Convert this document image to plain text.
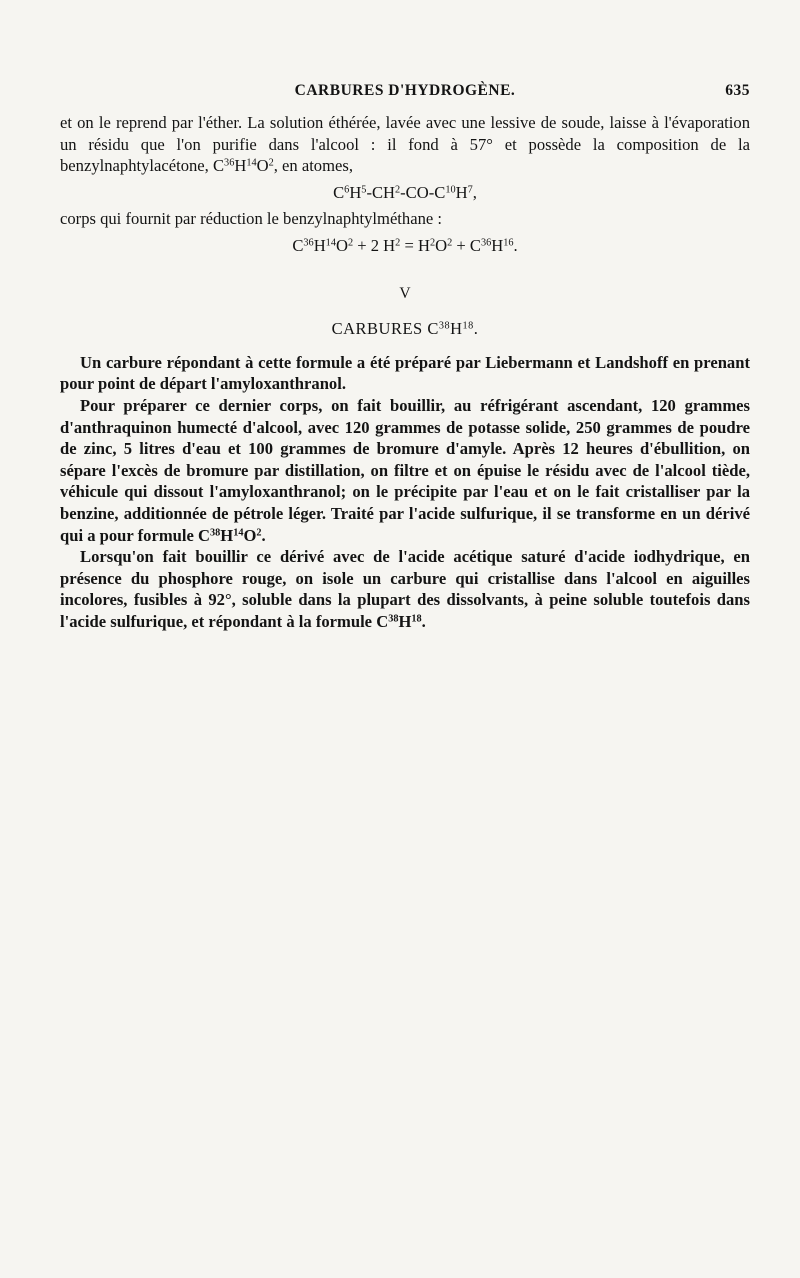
CARBURES D'HYDROGÈNE.	635

et on le reprend par l'éther. La solution éthérée, lavée avec une lessive de soude, laisse à l'évaporation un résidu que l'on purifie dans l'alcool : il fond à 57° et possède la composition de la benzylnaphtylacétone, $C^{36}H^{14}O^2$, en atomes,

$C^6H^5-CH^2-CO-C^{10}H^7$,

corps qui fournit par réduction le benzylnaphtylméthane :

$C^{36}H^{14}O^2 + 2$ $H^2 = H^2O^2 + C^{36}H^{16}$.

V

CARBURES $C^{38}H^{18}$.

Un carbure répondant à cette formule a été préparé par Liebermann et Landshoff en prenant pour point de départ l'amyloxanthranol.

Pour préparer ce dernier corps, on fait bouillir, au réfrigérant ascendant, 120 grammes d'anthraquinon humecté d'alcool, avec 120 grammes de potasse solide, 250 grammes de poudre de zinc, 5 litres d'eau et 100 grammes de bromure d'amyle. Après 12 heures d'ébullition, on sépare l'excès de bromure par distillation, on filtre et on épuise le résidu avec de l'alcool tiède, véhicule qui dissout l'amyloxanthranol; on le précipite par l'eau et on le fait cristalliser par la benzine, additionnée de pétrole léger. Traité par l'acide sulfurique, il se transforme en un dérivé qui a pour formule $C^{38}H^{14}O^2$.

Lorsqu'on fait bouillir ce dérivé avec de l'acide acétique saturé d'acide iodhydrique, en présence du phosphore rouge, on isole un carbure qui cristallise dans l'alcool en aiguilles incolores, fusibles à 92°, soluble dans la plupart des dissolvants, à peine soluble toutefois dans l'acide sulfurique, et répondant à la formule $C^{38}H^{18}$.
